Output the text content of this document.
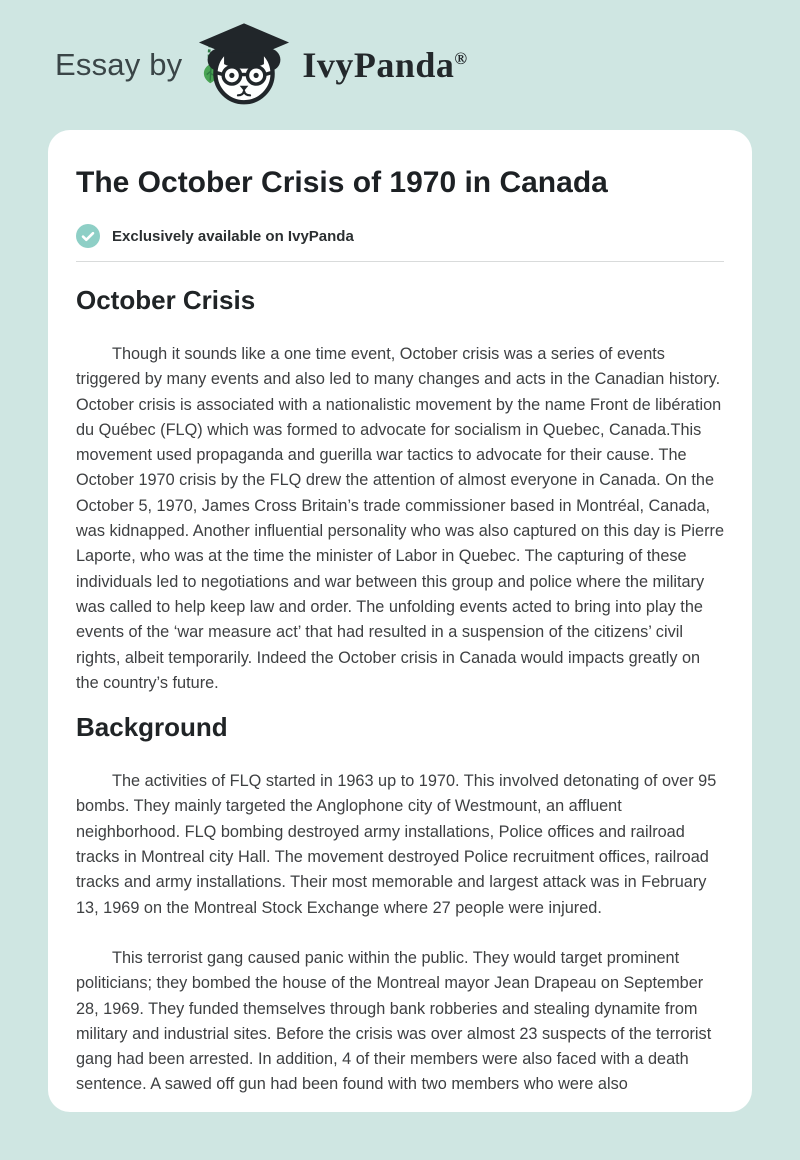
Essay by	IvyPanda®
The October Crisis of 1970 in Canada
Exclusively available on IvyPanda
October Crisis

Though it sounds like a one time event, October crisis was a series of events triggered by many events and also led to many changes and acts in the Canadian history. October crisis is associated with a nationalistic movement by the name Front de libération du Québec (FLQ) which was formed to advocate for socialism in Quebec, Canada.This movement used propaganda and guerilla war tactics to advocate for their cause. The October 1970 crisis by the FLQ drew the attention of almost everyone in Canada. On the October 5, 1970, James Cross Britain’s trade commissioner based in Montréal, Canada, was kidnapped. Another influential personality who was also captured on this day is Pierre Laporte, who was at the time the minister of Labor in Quebec. The capturing of these individuals led to negotiations and war between this group and police where the military was called to help keep law and order. The unfolding events acted to bring into play the events of the ‘war measure act’ that had resulted in a suspension of the citizens’ civil rights, albeit temporarily. Indeed the October crisis in Canada would impacts greatly on the country’s future.

Background

The activities of FLQ started in 1963 up to 1970. This involved detonating of over 95 bombs. They mainly targeted the Anglophone city of Westmount, an affluent neighborhood. FLQ bombing destroyed army installations, Police offices and railroad tracks in Montreal city Hall. The movement destroyed Police recruitment offices, railroad tracks and army installations. Their most memorable and largest attack was in February 13, 1969 on the Montreal Stock Exchange where 27 people were injured.

This terrorist gang caused panic within the public. They would target prominent politicians; they bombed the house of the Montreal mayor Jean Drapeau on September 28, 1969. They funded themselves through bank robberies and stealing dynamite from military and industrial sites. Before the crisis was over almost 23 suspects of the terrorist gang had been arrested. In addition, 4 of their members were also faced with a death sentence. A sawed off gun had been found with two members who were also
